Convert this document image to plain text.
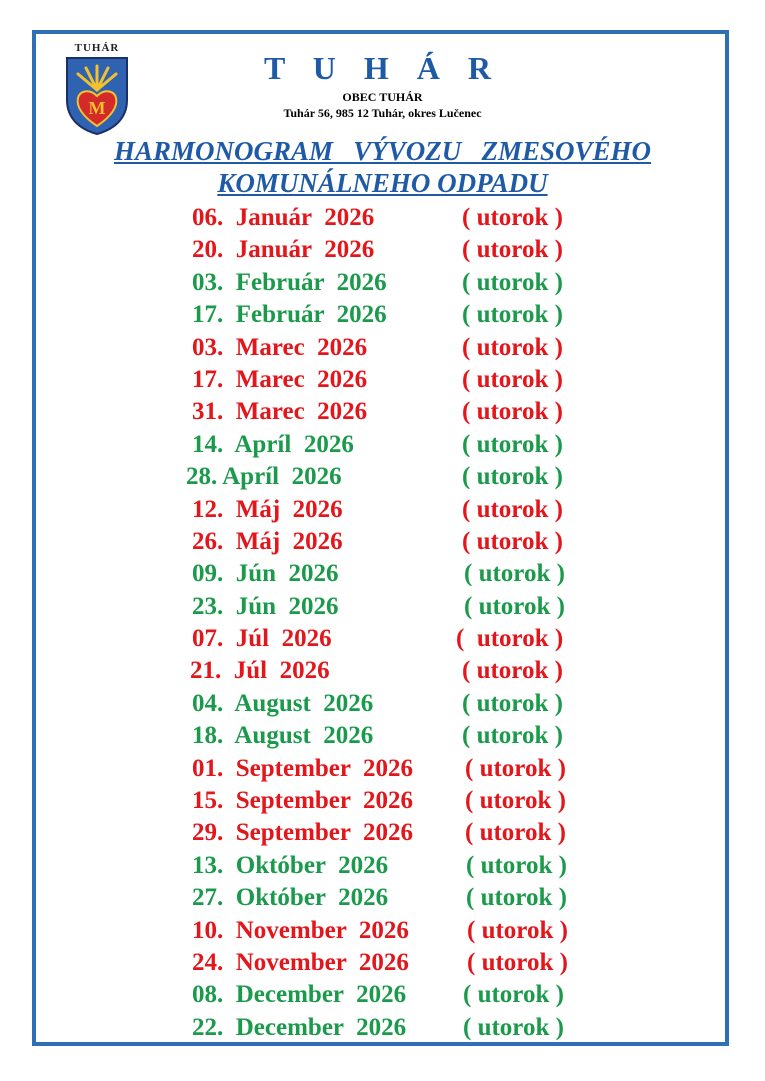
TUHÁR
M
T U H Á R
OBEC TUHÁR
Tuhár 56, 985 12 Tuhár, okres Lučenec
HARMONOGRAM   VÝVOZU   ZMESOVÉHO
KOMUNÁLNEHO ODPADU
06.  Január  2026	( utorok )
20.  Január  2026	( utorok )
03.  Február  2026	( utorok )
17.  Február  2026	( utorok )
03.  Marec  2026	( utorok )
17.  Marec  2026	( utorok )
31.  Marec  2026	( utorok )
14.  Apríl  2026	( utorok )
28. Apríl  2026	( utorok )
12.  Máj  2026	( utorok )
26.  Máj  2026	( utorok )
09.  Jún  2026	( utorok )
23.  Jún  2026	( utorok )
07.  Júl  2026	(  utorok )
21.  Júl  2026	( utorok )
04.  August  2026	( utorok )
18.  August  2026	( utorok )
01.  September  2026 ( utorok )
15.  September  2026 ( utorok )
29.  September  2026 ( utorok )
13.  Október  2026	( utorok )
27.  Október  2026	( utorok )
10.  November  2026 ( utorok )
24.  November  2026 ( utorok )
08.  December  2026 ( utorok )
22.  December  2026 ( utorok )
